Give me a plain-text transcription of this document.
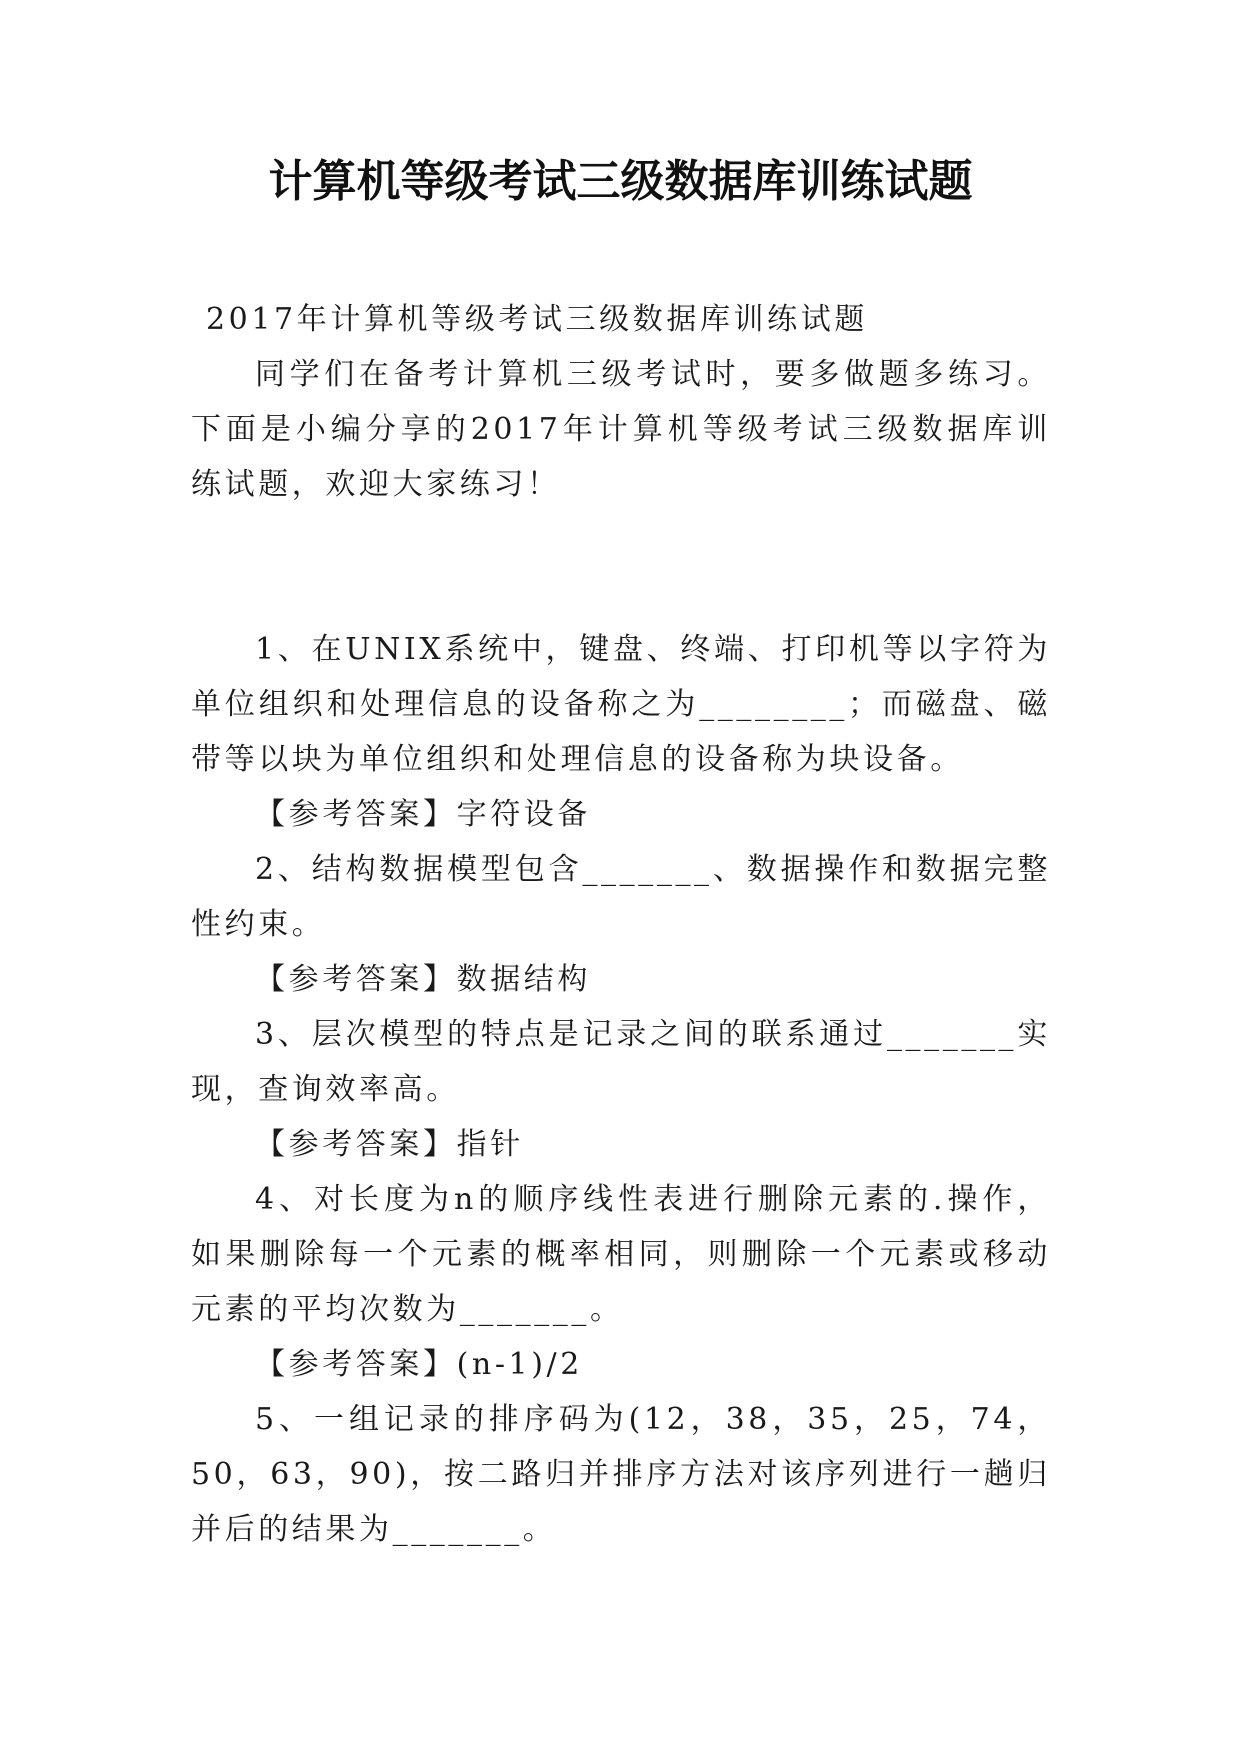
计算机等级考试三级数据库训练试题

2017年计算机等级考试三级数据库训练试题

同学们在备考计算机三级考试时，要多做题多练习。下面是小编分享的2017年计算机等级考试三级数据库训练试题，欢迎大家练习！

1、在UNIX系统中，键盘、终端、打印机等以字符为单位组织和处理信息的设备称之为________；而磁盘、磁带等以块为单位组织和处理信息的设备称为块设备。

【参考答案】字符设备

2、结构数据模型包含_______、数据操作和数据完整性约束。

【参考答案】数据结构

3、层次模型的特点是记录之间的联系通过_______实现，查询效率高。

【参考答案】指针

4、对长度为n的顺序线性表进行删除元素的.操作，如果删除每一个元素的概率相同，则删除一个元素或移动元素的平均次数为_______。

【参考答案】(n-1)/2

5、一组记录的排序码为(12，38，35，25，74，50，63，90)，按二路归并排序方法对该序列进行一趟归并后的结果为_______。
